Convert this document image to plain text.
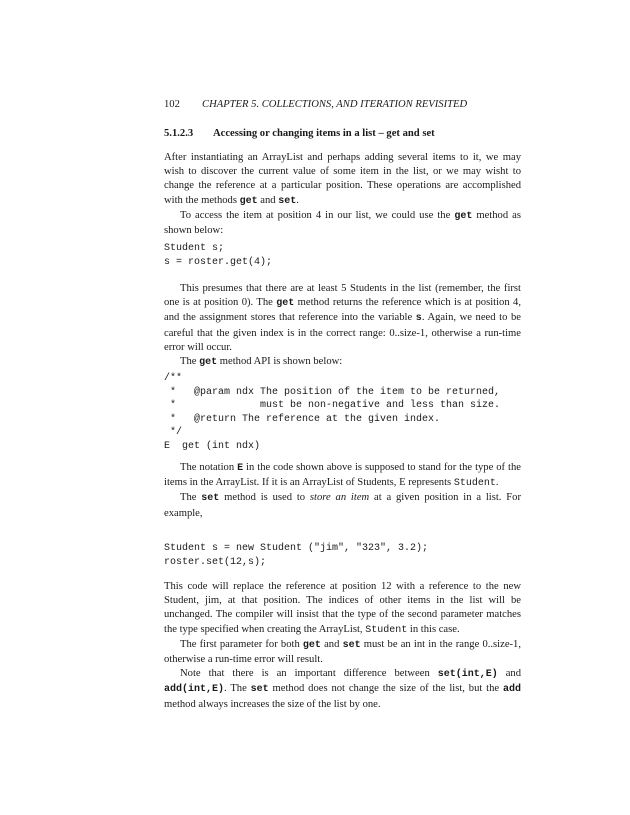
102 CHAPTER 5. COLLECTIONS, AND ITERATION REVISITED
5.1.2.3 Accessing or changing items in a list – get and set

After instantiating an ArrayList and perhaps adding several items to it, we may wish to discover the current value of some item in the list, or we may wisht to change the reference at a particular position. These operations are accomplished with the methods get and set.

To access the item at position 4 in our list, we could use the get method as shown below:

Student s;
s = roster.get(4);

This presumes that there are at least 5 Students in the list (remember, the first one is at position 0). The get method returns the reference which is at position 4, and the assignment stores that reference into the variable s. Again, we need to be careful that the given index is in the correct range: 0..size-1, otherwise a run-time error will occur.

The get method API is shown below:

/**
*   @param ndx The position of the item to be returned,
*              must be non-negative and less than size.
*   @return The reference at the given index.
*/
E  get (int ndx)

The notation E in the code shown above is supposed to stand for the type of the items in the ArrayList. If it is an ArrayList of Students, E represents Student.

The set method is used to store an item at a given position in a list. For example,

Student s = new Student ("jim", "323", 3.2);
roster.set(12,s);

This code will replace the reference at position 12 with a reference to the new Student, jim, at that position. The indices of other items in the list will be unchanged. The compiler will insist that the type of the second parameter matches the type specified when creating the ArrayList, Student in this case.

The first parameter for both get and set must be an int in the range 0..size-1, otherwise a run-time error will result.

Note that there is an important difference between set(int,E) and add(int,E). The set method does not change the size of the list, but the add method always increases the size of the list by one.
